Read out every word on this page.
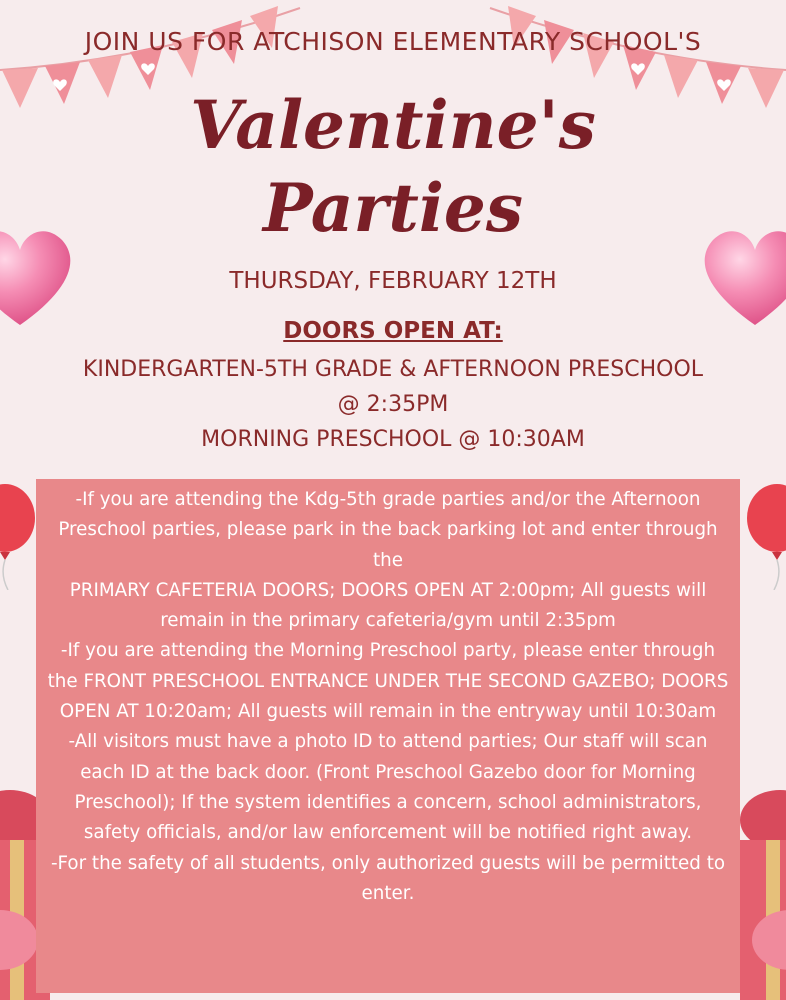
JOIN US FOR ATCHISON ELEMENTARY SCHOOL'S
Valentine's
Parties
THURSDAY, FEBRUARY 12TH
DOORS OPEN AT:
KINDERGARTEN-5TH GRADE & AFTERNOON PRESCHOOL
@ 2:35PM
MORNING PRESCHOOL @ 10:30AM

-If you are attending the Kdg-5th grade parties and/or the Afternoon Preschool parties, please park in the back parking lot and enter through the

PRIMARY CAFETERIA DOORS; DOORS OPEN AT 2:00pm; All guests will remain in the primary cafeteria/gym until 2:35pm

-If you are attending the Morning Preschool party, please enter through the FRONT PRESCHOOL ENTRANCE UNDER THE SECOND GAZEBO; DOORS OPEN AT 10:20am; All guests will remain in the entryway until 10:30am

-All visitors must have a photo ID to attend parties; Our staff will scan each ID at the back door. (Front Preschool Gazebo door for Morning Preschool); If the system identifies a concern, school administrators, safety officials, and/or law enforcement will be notified right away.

-For the safety of all students, only authorized guests will be permitted to enter.
